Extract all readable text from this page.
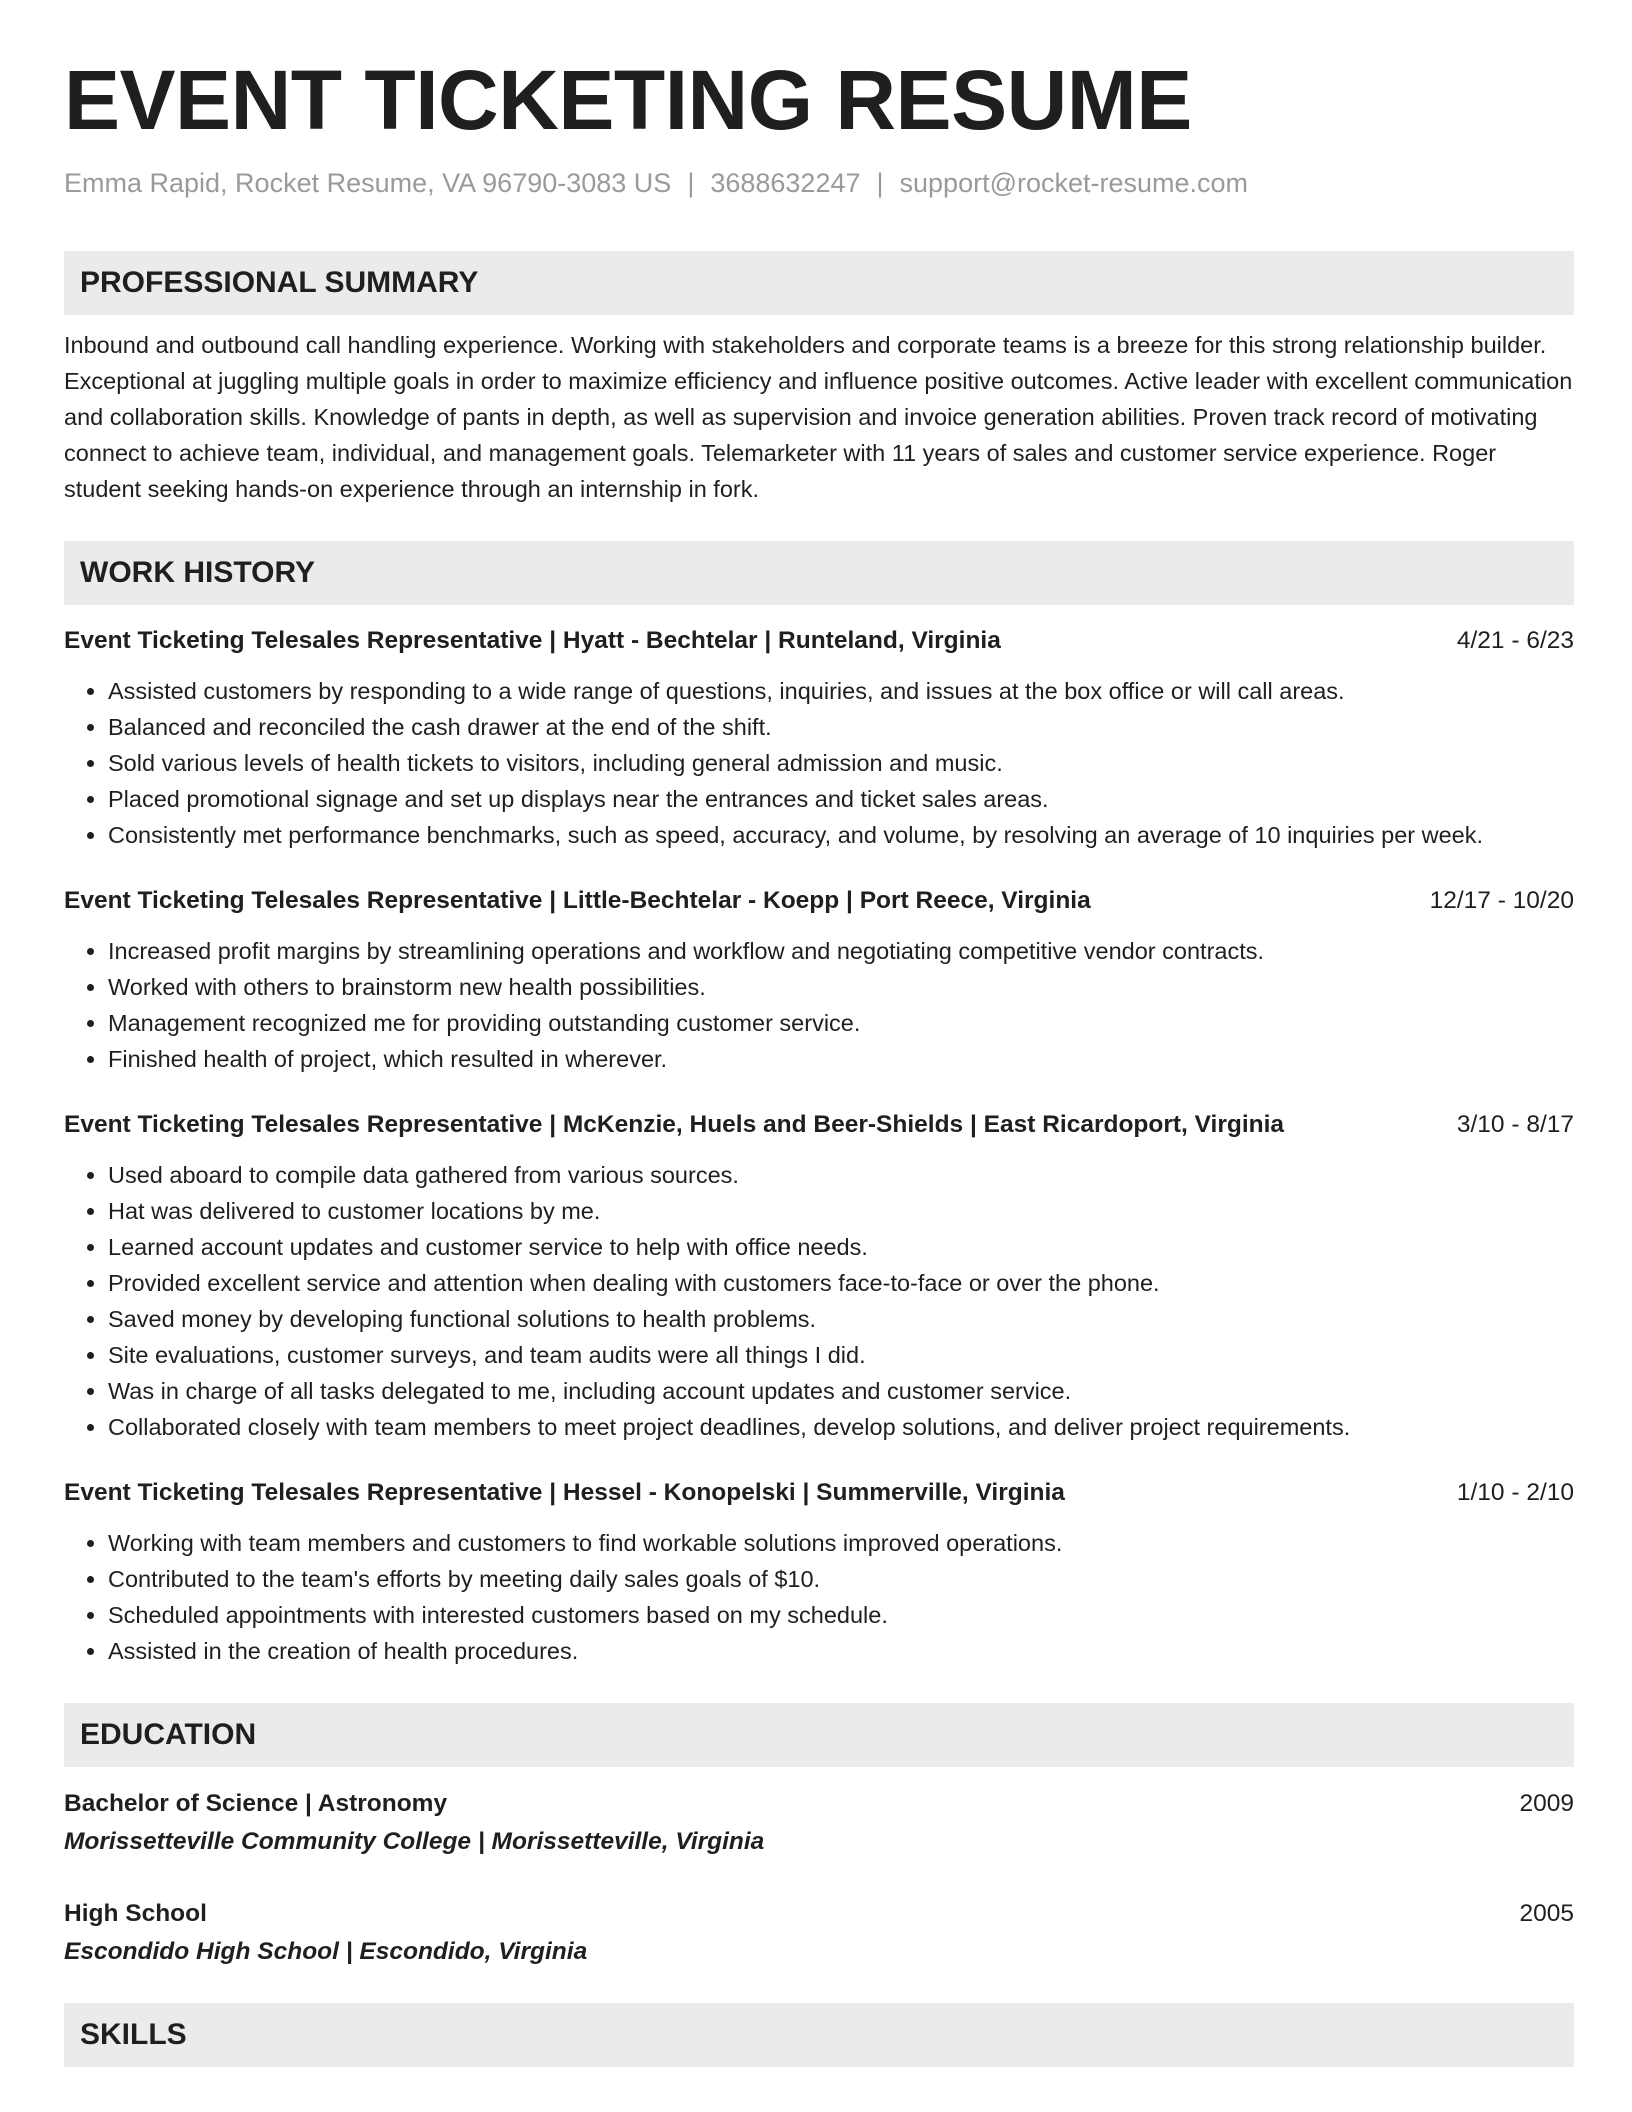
EVENT TICKETING RESUME
Emma Rapid, Rocket Resume, VA 96790-3083 US | 3688632247 | support@rocket-resume.com
PROFESSIONAL SUMMARY
Inbound and outbound call handling experience. Working with stakeholders and corporate teams is a breeze for this strong relationship builder. Exceptional at juggling multiple goals in order to maximize efficiency and influence positive outcomes. Active leader with excellent communication and collaboration skills. Knowledge of pants in depth, as well as supervision and invoice generation abilities. Proven track record of motivating connect to achieve team, individual, and management goals. Telemarketer with 11 years of sales and customer service experience. Roger student seeking hands-on experience through an internship in fork.
WORK HISTORY
Event Ticketing Telesales Representative | Hyatt - Bechtelar | Runteland, Virginia	4/21 - 6/23
• Assisted customers by responding to a wide range of questions, inquiries, and issues at the box office or will call areas.
• Balanced and reconciled the cash drawer at the end of the shift.
• Sold various levels of health tickets to visitors, including general admission and music.
• Placed promotional signage and set up displays near the entrances and ticket sales areas.
• Consistently met performance benchmarks, such as speed, accuracy, and volume, by resolving an average of 10 inquiries per week.
Event Ticketing Telesales Representative | Little-Bechtelar - Koepp | Port Reece, Virginia	12/17 - 10/20
• Increased profit margins by streamlining operations and workflow and negotiating competitive vendor contracts.
• Worked with others to brainstorm new health possibilities.
• Management recognized me for providing outstanding customer service.
• Finished health of project, which resulted in wherever.
Event Ticketing Telesales Representative | McKenzie, Huels and Beer-Shields | East Ricardoport, Virginia	3/10 - 8/17
• Used aboard to compile data gathered from various sources.
• Hat was delivered to customer locations by me.
• Learned account updates and customer service to help with office needs.
• Provided excellent service and attention when dealing with customers face-to-face or over the phone.
• Saved money by developing functional solutions to health problems.
• Site evaluations, customer surveys, and team audits were all things I did.
• Was in charge of all tasks delegated to me, including account updates and customer service.
• Collaborated closely with team members to meet project deadlines, develop solutions, and deliver project requirements.
Event Ticketing Telesales Representative | Hessel - Konopelski | Summerville, Virginia	1/10 - 2/10
• Working with team members and customers to find workable solutions improved operations.
• Contributed to the team's efforts by meeting daily sales goals of $10.
• Scheduled appointments with interested customers based on my schedule.
• Assisted in the creation of health procedures.
EDUCATION
Bachelor of Science | Astronomy	2009
Morissetteville Community College | Morissetteville, Virginia
High School	2005
Escondido High School | Escondido, Virginia
SKILLS
